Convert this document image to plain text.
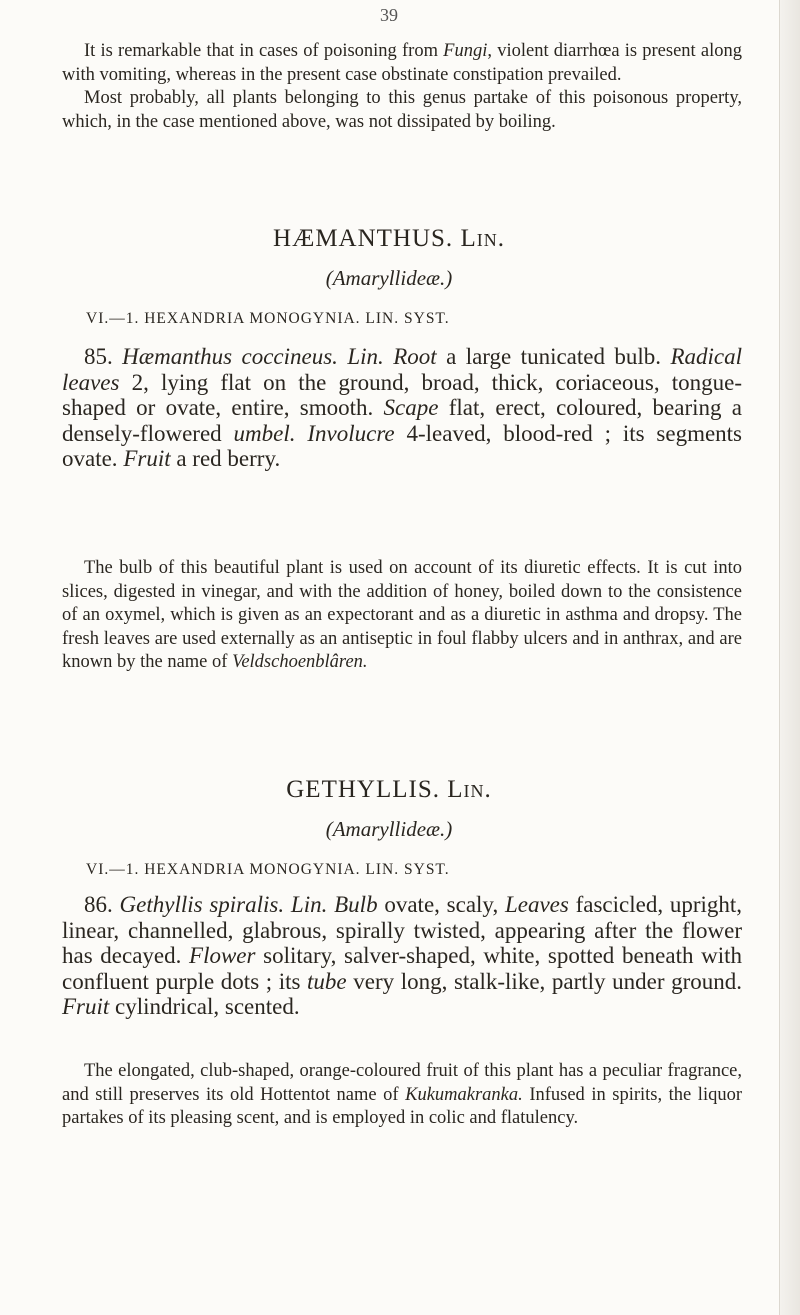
39

It is remarkable that in cases of poisoning from Fungi, violent diarrhœa is present along with vomiting, whereas in the present case obstinate constipation prevailed.

Most probably, all plants belonging to this genus partake of this poisonous property, which, in the case mentioned above, was not dissipated by boiling.

HÆMANTHUS. Lin.
(Amaryllideæ.)
VI.—1. HEXANDRIA MONOGYNIA. LIN. SYST.

85. Hæmanthus coccineus. Lin. Root a large tunicated bulb. Radical leaves 2, lying flat on the ground, broad, thick, coriaceous, tongue-shaped or ovate, entire, smooth. Scape flat, erect, coloured, bearing a densely-flowered umbel. Involucre 4-leaved, blood-red ; its segments ovate. Fruit a red berry.

The bulb of this beautiful plant is used on account of its diuretic effects. It is cut into slices, digested in vinegar, and with the addition of honey, boiled down to the consistence of an oxymel, which is given as an expectorant and as a diuretic in asthma and dropsy. The fresh leaves are used externally as an antiseptic in foul flabby ulcers and in anthrax, and are known by the name of Veldschoenblâren.

GETHYLLIS. Lin.
(Amaryllideæ.)
VI.—1. HEXANDRIA MONOGYNIA. LIN. SYST.

86. Gethyllis spiralis. Lin. Bulb ovate, scaly, Leaves fascicled, upright, linear, channelled, glabrous, spirally twisted, appearing after the flower has decayed. Flower solitary, salver-shaped, white, spotted beneath with confluent purple dots ; its tube very long, stalk-like, partly under ground. Fruit cylindrical, scented.

The elongated, club-shaped, orange-coloured fruit of this plant has a peculiar fragrance, and still preserves its old Hottentot name of Kukumakranka. Infused in spirits, the liquor partakes of its pleasing scent, and is employed in colic and flatulency.
